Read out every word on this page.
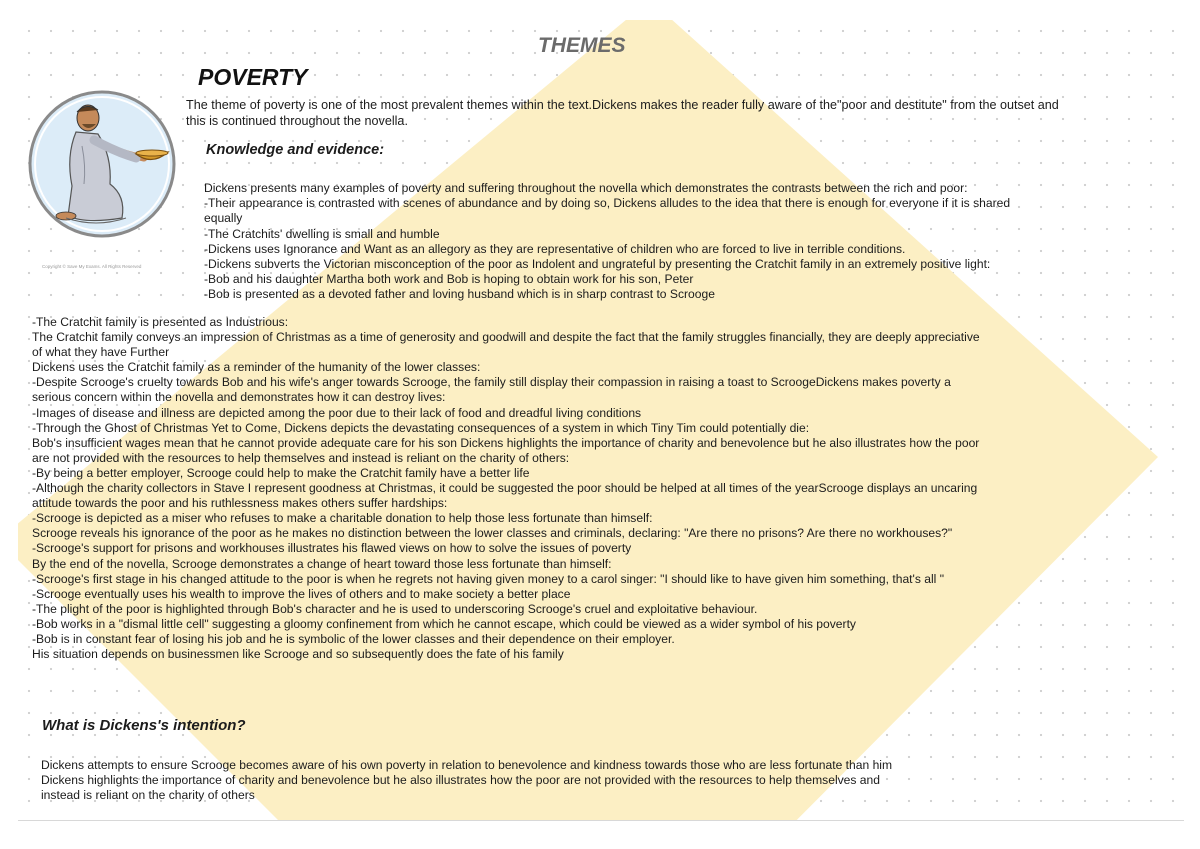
THEMES
Copyright © Save My Exams. All Rights Reserved
POVERTY
The theme of poverty is one of the most prevalent themes within the text.Dickens makes the reader fully aware of the"poor and destitute" from the outset and
this is continued throughout the novella.
Knowledge and evidence:
Dickens presents many examples of poverty and suffering throughout the novella which demonstrates the contrasts between the rich and poor:
-Their appearance is contrasted with scenes of abundance and by doing so, Dickens alludes to the idea that there is enough for everyone if it is shared
equally
-The Cratchits' dwelling is small and humble
-Dickens uses Ignorance and Want as an allegory as they are representative of children who are forced to live in terrible conditions.
-Dickens subverts the Victorian misconception of the poor as Indolent and ungrateful by presenting the Cratchit family in an extremely positive light:
-Bob and his daughter Martha both work and Bob is hoping to obtain work for his son, Peter
-Bob is presented as a devoted father and loving husband which is in sharp contrast to Scrooge
-The Cratchit family is presented as Industrious:
The Cratchit family conveys an impression of Christmas as a time of generosity and goodwill and despite the fact that the family struggles financially, they are deeply appreciative
of what they have Further
Dickens uses the Cratchit family as a reminder of the humanity of the lower classes:
-Despite Scrooge's cruelty towards Bob and his wife's anger towards Scrooge, the family still display their compassion in raising a toast to ScroogeDickens makes poverty a
serious concern within the novella and demonstrates how it can destroy lives:
-Images of disease and illness are depicted among the poor due to their lack of food and dreadful living conditions
-Through the Ghost of Christmas Yet to Come, Dickens depicts the devastating consequences of a system in which Tiny Tim could potentially die:
Bob's insufficient wages mean that he cannot provide adequate care for his son Dickens highlights the importance of charity and benevolence but he also illustrates how the poor
are not provided with the resources to help themselves and instead is reliant on the charity of others:
-By being a better employer, Scrooge could help to make the Cratchit family have a better life
-Although the charity collectors in Stave I represent goodness at Christmas, it could be suggested the poor should be helped at all times of the yearScrooge displays an uncaring
attitude towards the poor and his ruthlessness makes others suffer hardships:
-Scrooge is depicted as a miser who refuses to make a charitable donation to help those less fortunate than himself:
Scrooge reveals his ignorance of the poor as he makes no distinction between the lower classes and criminals, declaring: "Are there no prisons? Are there no workhouses?"
-Scrooge's support for prisons and workhouses illustrates his flawed views on how to solve the issues of poverty
By the end of the novella, Scrooge demonstrates a change of heart toward those less fortunate than himself:
-Scrooge's first stage in his changed attitude to the poor is when he regrets not having given money to a carol singer: "I should like to have given him something, that's all "
-Scrooge eventually uses his wealth to improve the lives of others and to make society a better place
-The plight of the poor is highlighted through Bob's character and he is used to underscoring Scrooge's cruel and exploitative behaviour.
-Bob works in a "dismal little cell" suggesting a gloomy confinement from which he cannot escape, which could be viewed as a wider symbol of his poverty
-Bob is in constant fear of losing his job and he is symbolic of the lower classes and their dependence on their employer.
His situation depends on businessmen like Scrooge and so subsequently does the fate of his family
What is Dickens's intention?
Dickens attempts to ensure Scrooge becomes aware of his own poverty in relation to benevolence and kindness towards those who are less fortunate than him
Dickens highlights the importance of charity and benevolence but he also illustrates how the poor are not provided with the resources to help themselves and
instead is reliant on the charity of others
